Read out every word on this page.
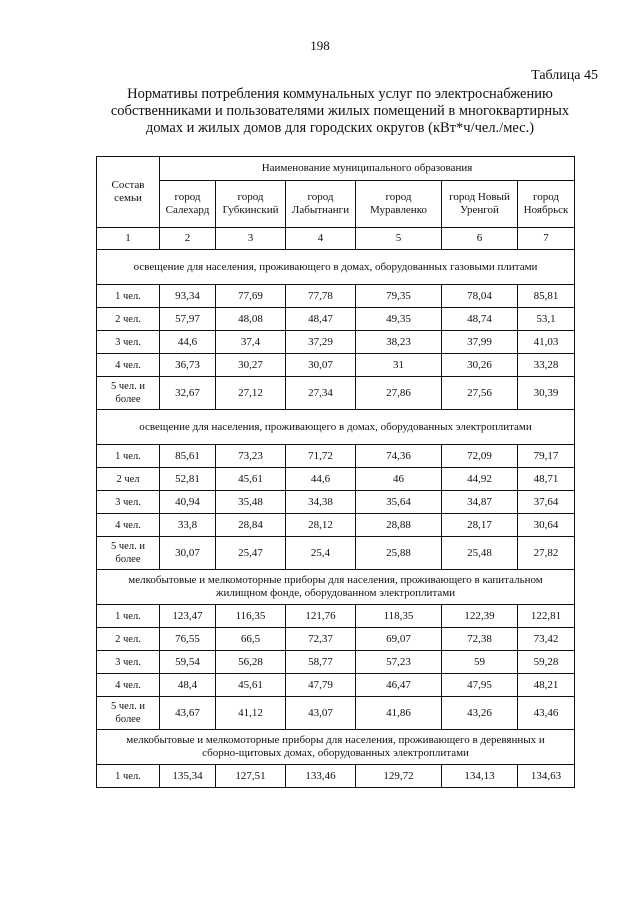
198
Таблица 45
Нормативы потребления коммунальных услуг по электроснабжению собственниками и пользователями жилых помещений в многоквартирных домах и жилых домов для городских округов (кВт*ч/чел./мес.)
Состав семьи	Наименование муниципального образования					
	город Салехард	город Губкинский	город Лабытнанги	город Муравленко	город Новый Уренгой	город Ноябрьск
1	2	3	4	5	6	7
освещение для населения, проживающего в домах, оборудованных газовыми плитами						
1 чел.	93,34	77,69	77,78	79,35	78,04	85,81
2 чел.	57,97	48,08	48,47	49,35	48,74	53,1
3 чел.	44,6	37,4	37,29	38,23	37,99	41,03
4 чел.	36,73	30,27	30,07	31	30,26	33,28
5 чел. и более	32,67	27,12	27,34	27,86	27,56	30,39
освещение для населения, проживающего в домах, оборудованных электроплитами						
1 чел.	85,61	73,23	71,72	74,36	72,09	79,17
2 чел	52,81	45,61	44,6	46	44,92	48,71
3 чел.	40,94	35,48	34,38	35,64	34,87	37,64
4 чел.	33,8	28,84	28,12	28,88	28,17	30,64
5 чел. и более	30,07	25,47	25,4	25,88	25,48	27,82
мелкобытовые и мелкомоторные приборы для населения, проживающего в капитальном жилищном фонде, оборудованном электроплитами						
1 чел.	123,47	116,35	121,76	118,35	122,39	122,81
2 чел.	76,55	66,5	72,37	69,07	72,38	73,42
3 чел.	59,54	56,28	58,77	57,23	59	59,28
4 чел.	48,4	45,61	47,79	46,47	47,95	48,21
5 чел. и более	43,67	41,12	43,07	41,86	43,26	43,46
мелкобытовые и мелкомоторные приборы для населения, проживающего в деревянных и сборно-щитовых домах, оборудованных электроплитами						
1 чел.	135,34	127,51	133,46	129,72	134,13	134,63
